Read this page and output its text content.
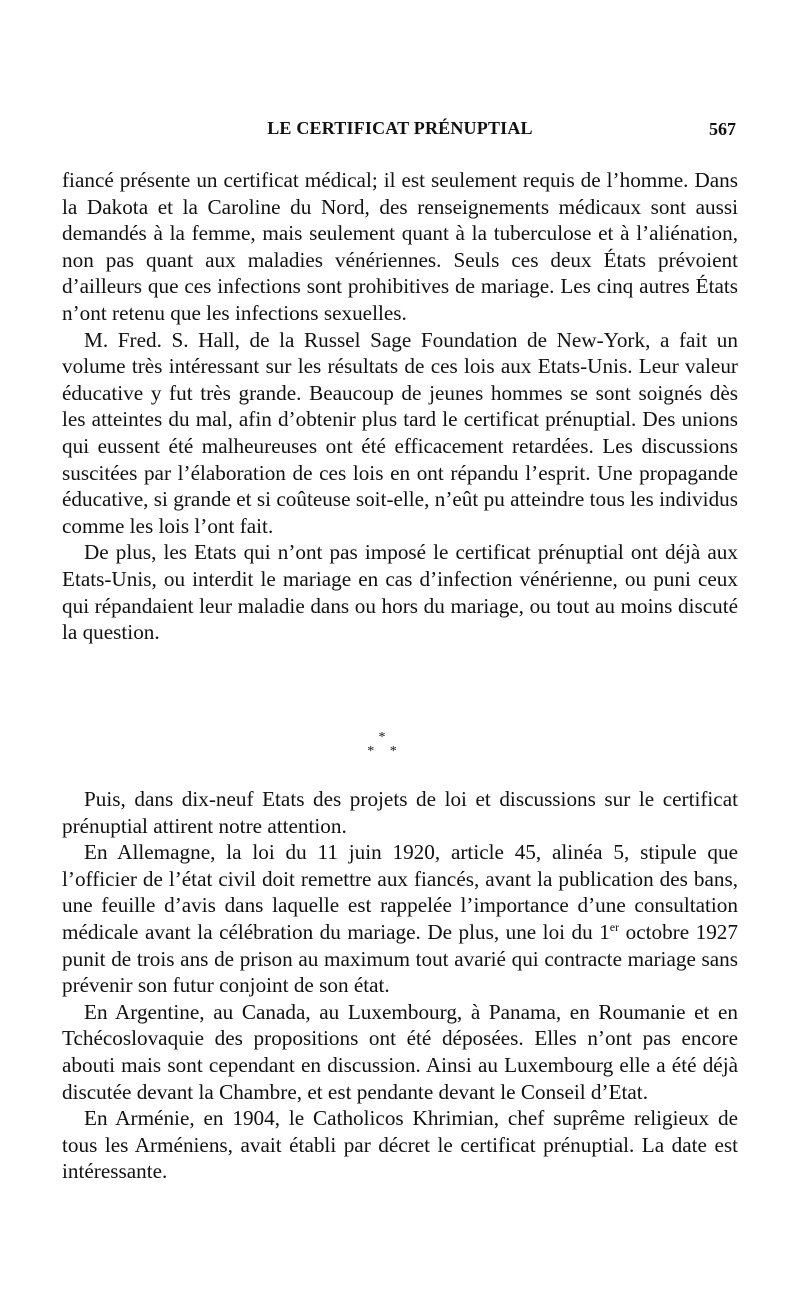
LE CERTIFICAT PRÉNUPTIAL	567

fiancé présente un certificat médical; il est seulement requis de l’homme. Dans la Dakota et la Caroline du Nord, des renseignements médicaux sont aussi demandés à la femme, mais seulement quant à la tuberculose et à l’aliénation, non pas quant aux maladies vénériennes. Seuls ces deux États prévoient d’ailleurs que ces infections sont prohibitives de mariage. Les cinq autres États n’ont retenu que les infections sexuelles.

M. Fred. S. Hall, de la Russel Sage Foundation de New-York, a fait un volume très intéressant sur les résultats de ces lois aux Etats-Unis. Leur valeur éducative y fut très grande. Beaucoup de jeunes hommes se sont soignés dès les atteintes du mal, afin d’obtenir plus tard le certificat prénuptial. Des unions qui eussent été malheureuses ont été efficacement retardées. Les discussions suscitées par l’élaboration de ces lois en ont répandu l’esprit. Une propagande éducative, si grande et si coûteuse soit-elle, n’eût pu atteindre tous les individus comme les lois l’ont fait.

De plus, les Etats qui n’ont pas imposé le certificat prénuptial ont déjà aux Etats-Unis, ou interdit le mariage en cas d’infection vénérienne, ou puni ceux qui répandaient leur maladie dans ou hors du mariage, ou tout au moins discuté la question.

*
* *

Puis, dans dix-neuf Etats des projets de loi et discussions sur le certificat prénuptial attirent notre attention.

En Allemagne, la loi du 11 juin 1920, article 45, alinéa 5, stipule que l’officier de l’état civil doit remettre aux fiancés, avant la publication des bans, une feuille d’avis dans laquelle est rappelée l’importance d’une consultation médicale avant la célébration du mariage. De plus, une loi du 1er octobre 1927 punit de trois ans de prison au maximum tout avarié qui contracte mariage sans prévenir son futur conjoint de son état.

En Argentine, au Canada, au Luxembourg, à Panama, en Roumanie et en Tchécoslovaquie des propositions ont été déposées. Elles n’ont pas encore abouti mais sont cependant en discussion. Ainsi au Luxembourg elle a été déjà discutée devant la Chambre, et est pendante devant le Conseil d’Etat.

En Arménie, en 1904, le Catholicos Khrimian, chef suprême religieux de tous les Arméniens, avait établi par décret le certificat prénuptial. La date est intéressante.
